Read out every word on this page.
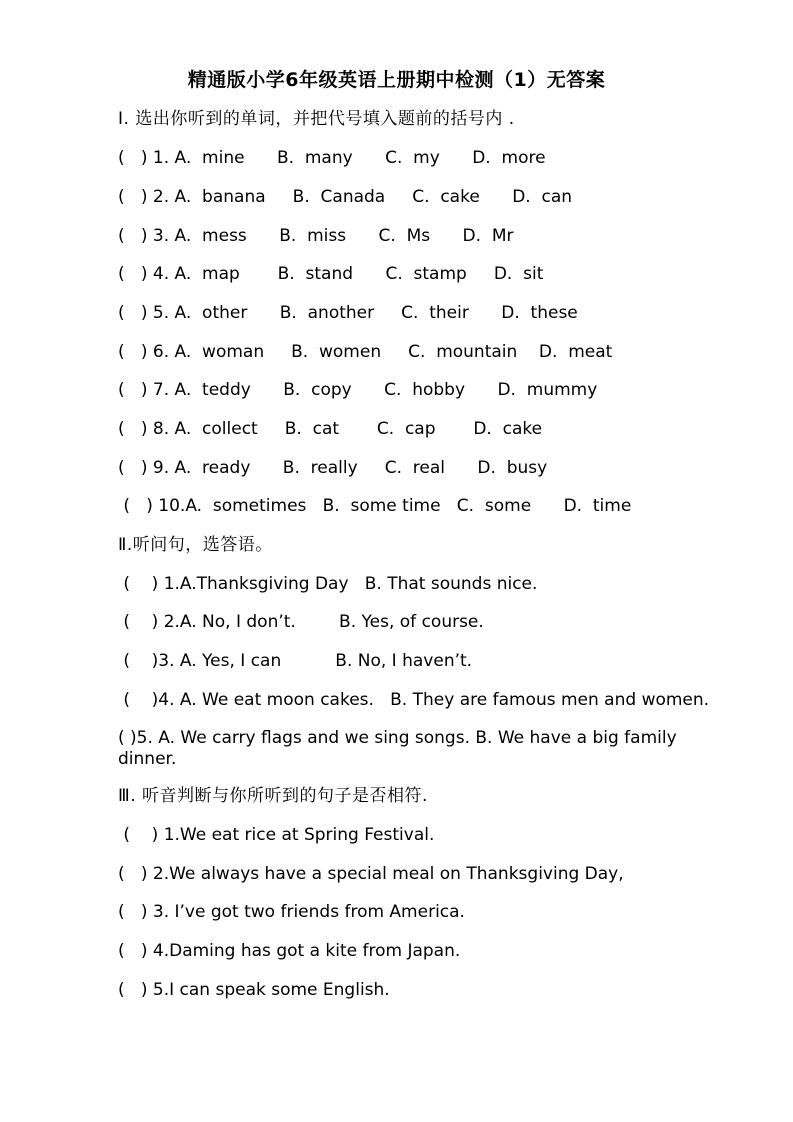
精通版小学6年级英语上册期中检测（1）无答案
Ⅰ. 选出你听到的单词，并把代号填入题前的括号内 .
(   ) 1. A.  mine      B.  many      C.  my      D.  more
(   ) 2. A.  banana     B.  Canada     C.  cake      D.  can
(   ) 3. A.  mess      B.  miss      C.  Ms      D.  Mr
(   ) 4. A.  map       B.  stand      C.  stamp     D.  sit
(   ) 5. A.  other      B.  another     C.  their      D.  these
(   ) 6. A.  woman     B.  women     C.  mountain    D.  meat
(   ) 7. A.  teddy      B.  copy      C.  hobby      D.  mummy
(   ) 8. A.  collect     B.  cat       C.  cap       D.  cake
(   ) 9. A.  ready      B.  really     C.  real      D.  busy
(   ) 10.A.  sometimes   B.  some time   C.  some      D.  time
Ⅱ.听问句，选答语。
(    ) 1.A.Thanksgiving Day   B. That sounds nice.
(    ) 2.A. No, I don’t.        B. Yes, of course.
(    )3. A. Yes, I can          B. No, I haven’t.
(    )4. A. We eat moon cakes.   B. They are famous men and women.
( )5. A. We carry flags and we sing songs. B. We have a big family dinner.
Ⅲ. 听音判断与你所听到的句子是否相符.
(    ) 1.We eat rice at Spring Festival.
(   ) 2.We always have a special meal on Thanksgiving Day,
(   ) 3. I’ve got two friends from America.
(   ) 4.Daming has got a kite from Japan.
(   ) 5.I can speak some English.
